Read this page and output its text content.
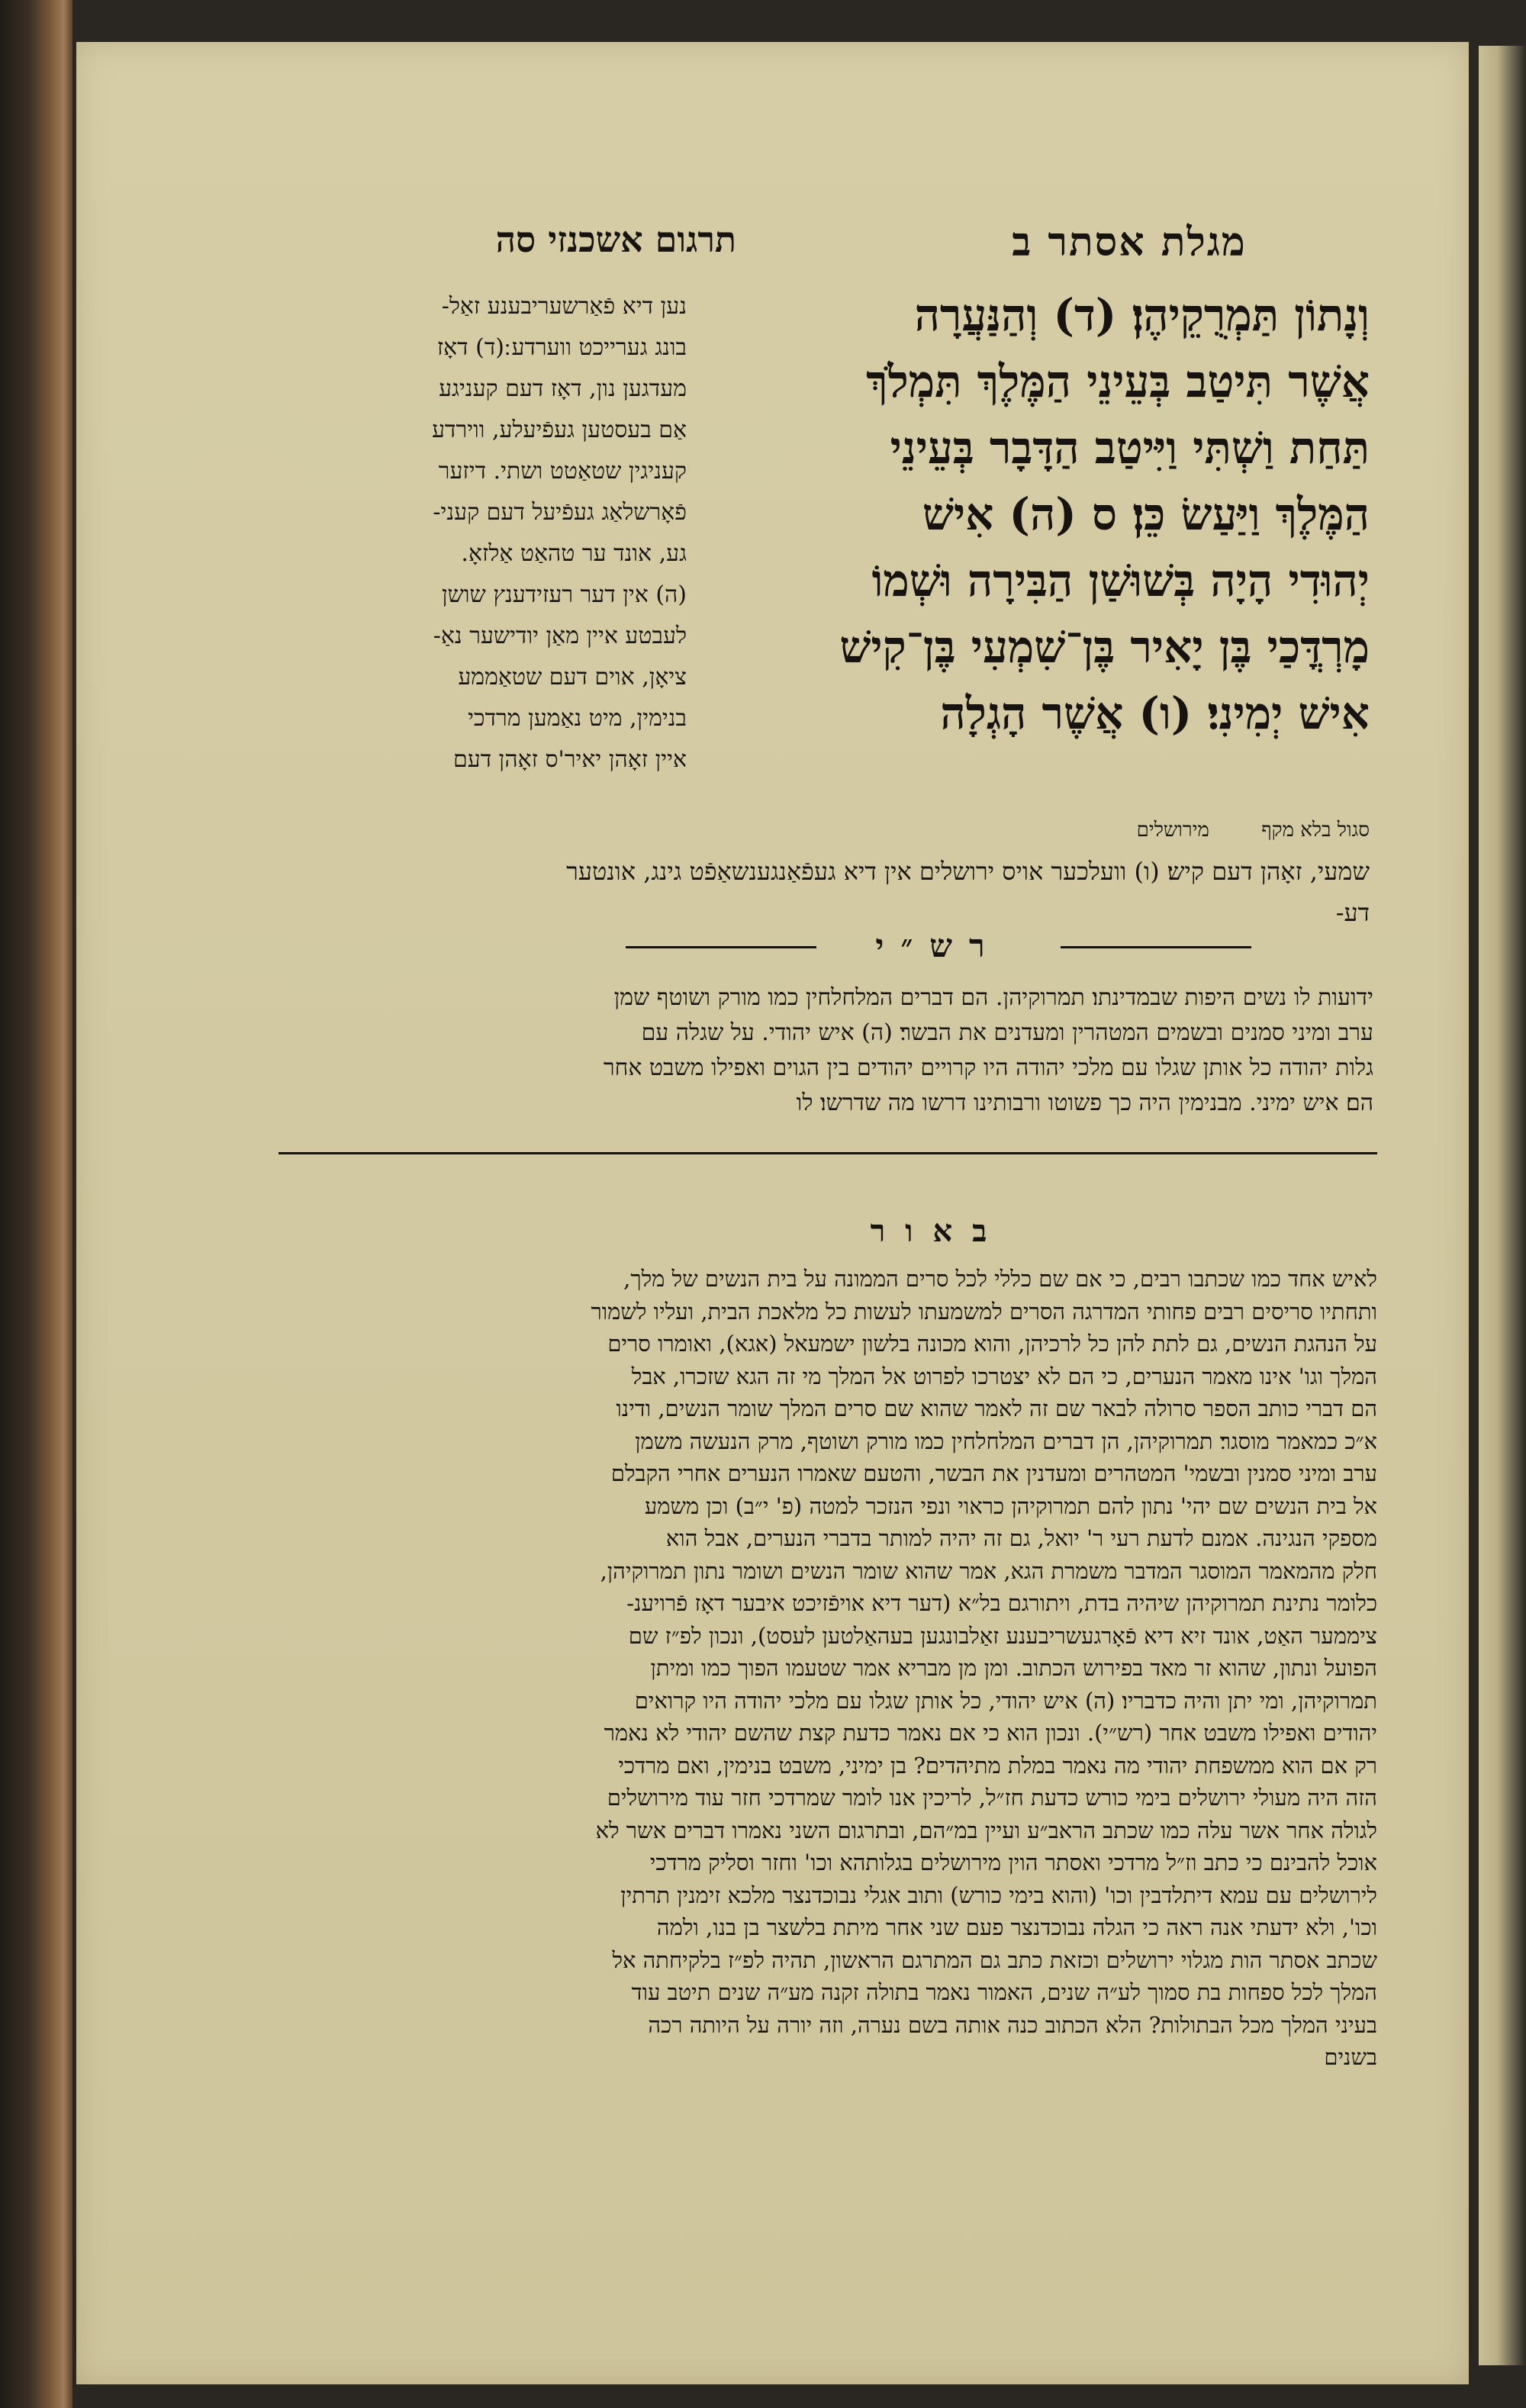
מגלת אסתר ב
תרגום אשכנזי סה
וְנָתוֹן תַּמְרֻקֵיהֶן׃ (ד) וְהַנַּעֲרָה
אֲשֶׁר תִּיטַב בְּעֵינֵי הַמֶּלֶךְ תִּמְלֹךְ
תַּחַת וַשְׁתִּי וַיִּיטַב הַדָּבָר בְּעֵינֵי
הַמֶּלֶךְ וַיַּעַשׂ כֵּן׃ ס (ה) אִישׁ
יְהוּדִי הָיָה בְּשׁוּשַׁן הַבִּירָה וּשְׁמוֹ
מָרְדֳּכַי בֶּן יָאִיר בֶּן־שִׁמְעִי בֶּן־קִישׁ
אִישׁ יְמִינִי׃ (ו) אֲשֶׁר הָגְלָה
נען דיא פֿאַרשעריבענע זאַל-
בונג גערייכט ווערדע ׃(ד) דאָז
מעדגען נון, דאָז דעם קעניגע
אַם בעסטען געפֿיעלע, ווירדע
קעניגין שטאַטט ושתי. דיזער
פֿאָרשלאַג געפֿיעל דעם קעני-
גע, אונד ער טהאַט אַלזאָ.
(ה) אין דער רעזידענץ שושן
לעבטע איין מאַן יודישער נאַ-
ציאָן, אוים דעם שטאַממע
בנימין, מיט נאַמען מרדכי
איין זאָהן יאיר'ס זאָהן דעם
סגול בלא מקף מירושלים
שמעי, זאָהן דעם קיש׃ (ו) וועלכער אויס ירושלים אין דיא געפֿאַנגענשאַפֿט גינג, אונטער
דע-
רש״י
ידועות לו נשים היפות שבמדינתו׃ תמרוקיהן. הם דברים המלחלחין כמו מורק ושוטף שמן
ערב ומיני סמנים ובשמים המטהרין ומעדנים את הבשר׃ (ה) איש יהודי. על שגלה עם
גלות יהודה כל אותן שגלו עם מלכי יהודה היו קרויים יהודים בין הגוים ואפילו משבט אחר
הם׃ איש ימיני. מבנימין היה כך פשוטו ורבותינו דרשו מה שדרשו׃ לו
באור
לאיש אחד כמו שכתבו רבים, כי אם שם כללי לכל סרים הממונה על בית הנשים של מלך,
ותחתיו סריסים רבים פחותי המדרגה הסרים למשמעתו לעשות כל מלאכת הבית, ועליו לשמור
על הנהגת הנשים, גם לתת להן כל לרכיהן, והוא מכונה בלשון ישמעאל (אגא), ואומרו סרים
המלך וגו' אינו מאמר הנערים, כי הם לא יצטרכו לפרוט אל המלך מי זה הגא שזכרו, אבל
הם דברי כותב הספר סרולה לבאר שם זה לאמר שהוא שם סרים המלך שומר הנשים, ודינו
א״כ כמאמר מוסגר׃ תמרוקיהן, הן דברים המלחלחין כמו מורק ושוטף, מרק הנעשה משמן
ערב ומיני סמנין ובשמי' המטהרים ומעדנין את הבשר, והטעם שאמרו הנערים אחרי הקבלם
אל בית הנשים שם יהי' נתון להם תמרוקיהן כראוי ונפי הנזכר למטה (פ' י״ב) וכן משמע
מספקי הנגינה. אמנם לדעת רעי ר' יואל, גם זה יהיה למותר בדברי הנערים, אבל הוא
חלק מהמאמר המוסגר המדבר משמרת הגא, אמר שהוא שומר הנשים ושומר נתון תמרוקיהן,
כלומר נתינת תמרוקיהן שיהיה בדת, ויתורגם בל״א (דער דיא אויפֿזיכט איבער דאָז פֿרויענ-
ציממער האַט, אונד זיא דיא פֿאָרגעשריבענע זאַלבונגען בעהאַלטען לעסט), ונכון לפ״ז שם
הפועל ונתון, שהוא זר מאד בפירוש הכתוב. ומן מן מבריא אמר שטעמו הפוך כמו ומיתן
תמרוקיהן, ומי יתן והיה כדבריו׃ (ה) איש יהודי, כל אותן שגלו עם מלכי יהודה היו קרואים
יהודים ואפילו משבט אחר (רש״י). ונכון הוא כי אם נאמר כדעת קצת שהשם יהודי לא נאמר
רק אם הוא ממשפחת יהודי מה נאמר במלת מתיהדים? בן ימיני, משבט בנימין, ואם מרדכי
הזה היה מעולי ירושלים בימי כורש כדעת חז״ל, לריכין אנו לומר שמרדכי חזר עוד מירושלים
לגולה אחר אשר עלה כמו שכתב הראב״ע ועיין במ״הם, ובתרגום השני נאמרו דברים אשר לא
אוכל להבינם כי כתב וז״ל מרדכי ואסתר הוין מירושלים בגלותהא וכו' וחזר וסליק מרדכי
לירושלים עם עמא דיתלדבין וכו' (והוא בימי כורש) ותוב אגלי נבוכדנצר מלכא זימנין תרתין
וכו', ולא ידעתי אנה ראה כי הגלה נבוכדנצר פעם שני אחר מיתת בלשצר בן בנו, ולמה
שכתב אסתר הות מגלוי ירושלים וכזאת כתב גם המתרגם הראשון, תהיה לפ״ז בלקיחתה אל
המלך לכל ספחות בת סמוך לע״ה שנים, האמור נאמר בתולה זקנה מע״ה שנים תיטב עוד
בעיני המלך מכל הבתולות? הלא הכתוב כנה אותה בשם נערה, וזה יורה על היותה רכה
בשנים
